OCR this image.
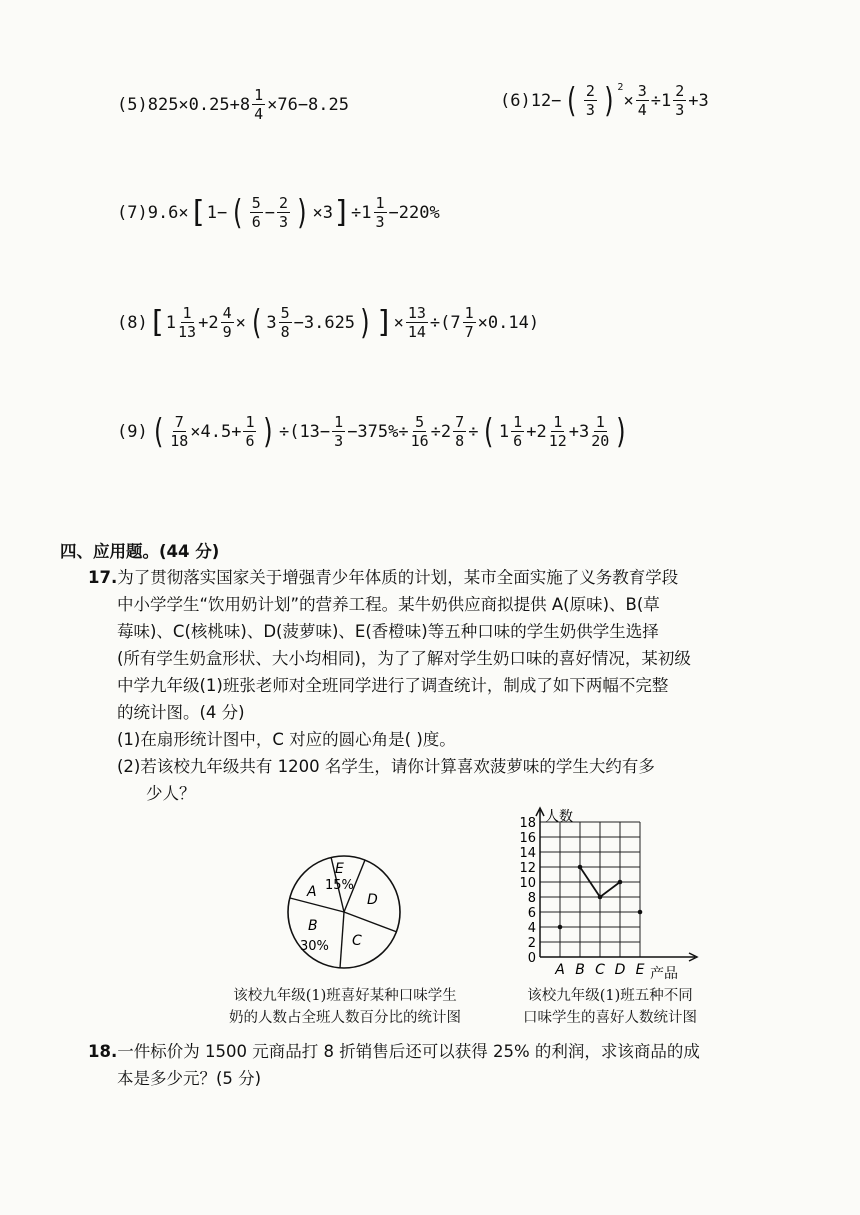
(5) $825\times 0.25+8 \frac{1}{4} \times 76-8.25$	(6)12− ( $\frac{2}{3}$ ) 2
× $\frac{3}{4} \div 1 \frac{2}{3} +3$
(7)9.6× [ 1− ( $\frac{5}{6} - \frac{2}{3}$ ) ×3 ] $\div 1 \frac{1}{3} -220\%$
(8) [ $1 \frac{1}{13} +2 \frac{4}{9}$ × ( $3 \frac{5}{8} -3.625$ ) ] × $\frac{13}{14} \div(7 \frac{1}{7} \times 0.14)$
(9) ( $\frac{7}{18} \times 4.5+ \frac{1}{6}$ ) $\div(13- \frac{1}{3} -375\%\div \frac{5}{16} \div 2 \frac{7}{8}$ ÷ ( $1 \frac{1}{6} +2 \frac{1}{12} +3 \frac{1}{20}$ )
四、应用题。(44 分)
17.为了贯彻落实国家关于增强青少年体质的计划，某市全面实施了义务教育学段
中小学学生“饮用奶计划”的营养工程。某牛奶供应商拟提供 A(原味)、B(草
莓味)、C(核桃味)、D(菠萝味)、E(香橙味)等五种口味的学生奶供学生选择
(所有学生奶盒形状、大小均相同)，为了了解对学生奶口味的喜好情况，某初级
中学九年级(1)班张老师对全班同学进行了调查统计，制成了如下两幅不完整
的统计图。(4 分)
(1)在扇形统计图中，C 对应的圆心角是( )度。
(2)若该校九年级共有 1200 名学生，请你计算喜欢菠萝味的学生大约有多
少人？
A
E
15%
D
B
30% C
该校九年级(1)班喜好某种口味学生
奶的人数占全班人数百分比的统计图
0
2
4
6
8
10
12
14
16
18
A B C D E
人数
产品
该校九年级(1)班五种不同
口味学生的喜好人数统计图
18.一件标价为 1500 元商品打 8 折销售后还可以获得 25% 的利润，求该商品的成
本是多少元？(5 分)
